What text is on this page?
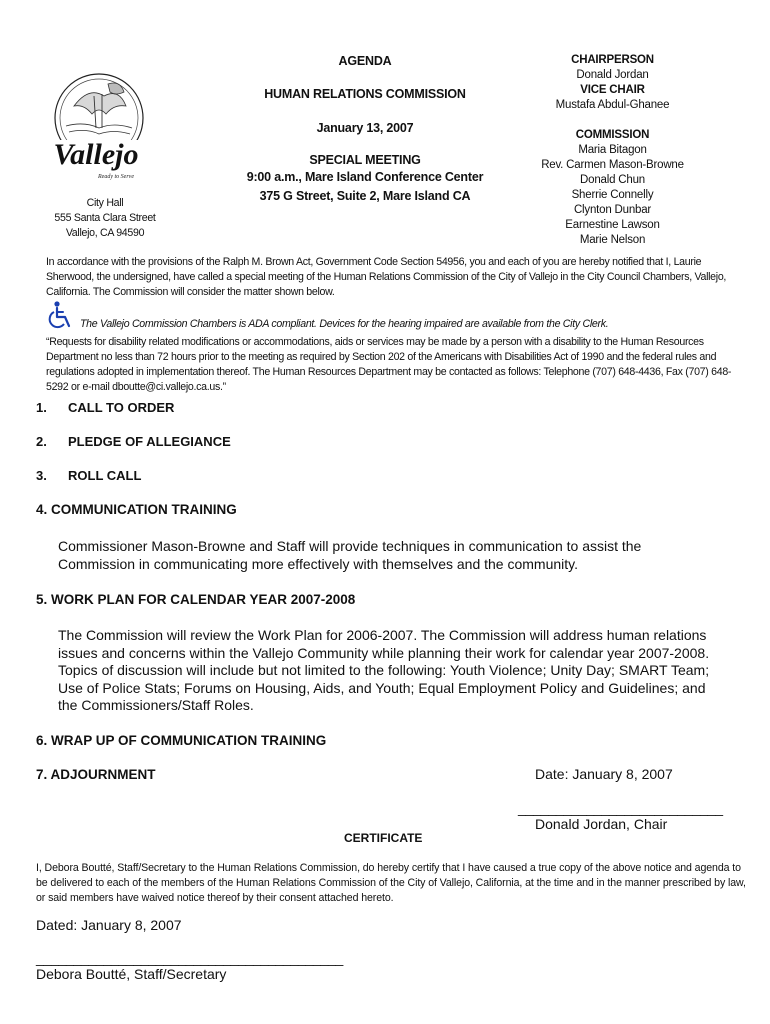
Vallejo
Ready to Serve
City Hall
555 Santa Clara Street
Vallejo, CA 94590
AGENDA
HUMAN RELATIONS COMMISSION
January 13, 2007
SPECIAL MEETING
9:00 a.m., Mare Island Conference Center
375 G Street, Suite 2, Mare Island CA
CHAIRPERSON
Donald Jordan
VICE CHAIR
Mustafa Abdul-Ghanee
COMMISSION
Maria Bitagon
Rev. Carmen Mason-Browne
Donald Chun
Sherrie Connelly
Clynton Dunbar
Earnestine Lawson
Marie Nelson
In accordance with the provisions of the Ralph M. Brown Act, Government Code Section 54956, you and each of you are hereby notified that I, Laurie Sherwood, the undersigned, have called a special meeting of the Human Relations Commission of the City of Vallejo in the City Council Chambers, Vallejo, California. The Commission will consider the matter shown below.
The Vallejo Commission Chambers is ADA compliant. Devices for the hearing impaired are available from the City Clerk.
“Requests for disability related modifications or accommodations, aids or services may be made by a person with a disability to the Human Resources Department no less than 72 hours prior to the meeting as required by Section 202 of the Americans with Disabilities Act of 1990 and the federal rules and regulations adopted in implementation thereof. The Human Resources Department may be contacted as follows: Telephone (707) 648-4436, Fax (707) 648-5292 or e-mail dboutte@ci.vallejo.ca.us.”
1. CALL TO ORDER
2. PLEDGE OF ALLEGIANCE
3. ROLL CALL
4. COMMUNICATION TRAINING
Commissioner Mason-Browne and Staff will provide techniques in communication to assist the Commission in communicating more effectively with themselves and the community.
5. WORK PLAN FOR CALENDAR YEAR 2007-2008
The Commission will review the Work Plan for 2006-2007. The Commission will address human relations issues and concerns within the Vallejo Community while planning their work for calendar year 2007-2008. Topics of discussion will include but not limited to the following: Youth Violence; Unity Day; SMART Team; Use of Police Stats; Forums on Housing, Aids, and Youth; Equal Employment Policy and Guidelines; and the Commissioners/Staff Roles.
6. WRAP UP OF COMMUNICATION TRAINING
7. ADJOURNMENT	Date: January 8, 2007
___________________________
Donald Jordan, Chair
CERTIFICATE
I, Debora Boutté, Staff/Secretary to the Human Relations Commission, do hereby certify that I have caused a true copy of the above notice and agenda to be delivered to each of the members of the Human Relations Commission of the City of Vallejo, California, at the time and in the manner prescribed by law, or said members have waived notice thereof by their consent attached hereto.
Dated: January 8, 2007
_________________________________________
Debora Boutté, Staff/Secretary
